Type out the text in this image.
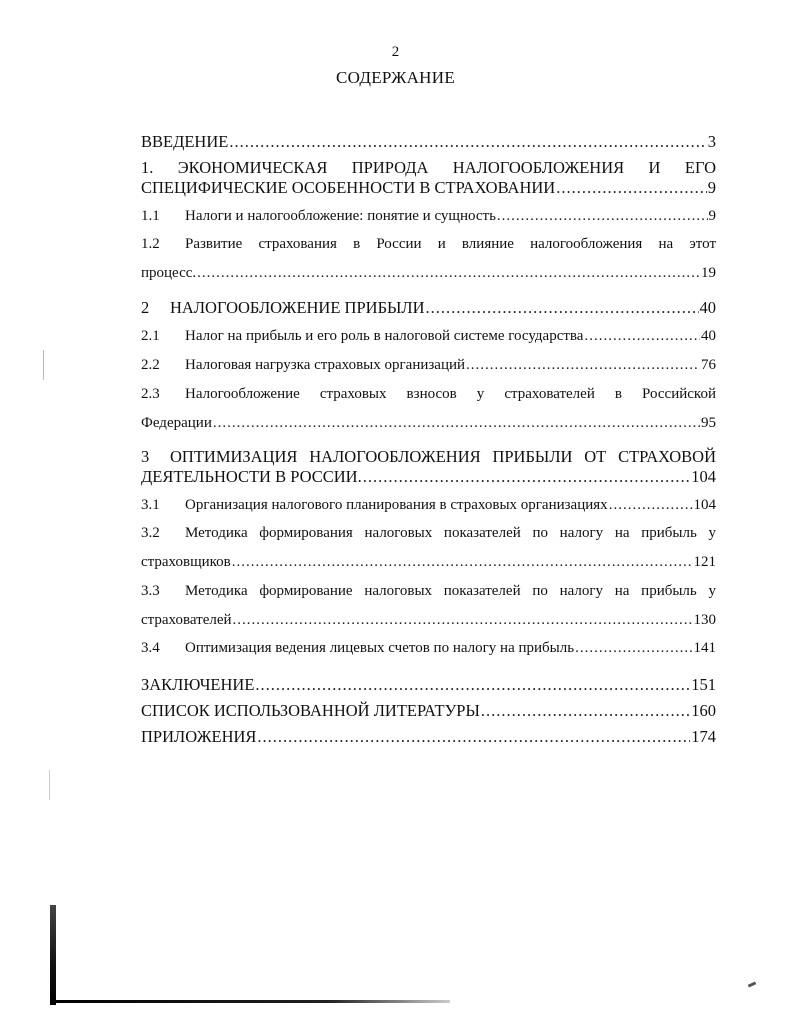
2
СОДЕРЖАНИЕ
ВВЕДЕНИЕ .....	3
1. ЭКОНОМИЧЕСКАЯ ПРИРОДА НАЛОГООБЛОЖЕНИЯ И ЕГО
СПЕЦИФИЧЕСКИЕ ОСОБЕННОСТИ В СТРАХОВАНИИ .....	9
1.1	Налоги и налогообложение: понятие и сущность .....	9
1.2 Развитие страхования в России и влияние налогообложения на этот
процесс. .....	19
2	НАЛОГООБЛОЖЕНИЕ ПРИБЫЛИ .....	40
2.1	Налог на прибыль и его роль в налоговой системе государства .....	40
2.2	Налоговая нагрузка страховых организаций .....	76
2.3 Налогообложение страховых взносов у страхователей в Российской
Федерации .....	95
3 ОПТИМИЗАЦИЯ НАЛОГООБЛОЖЕНИЯ ПРИБЫЛИ ОТ СТРАХОВОЙ
ДЕЯТЕЛЬНОСТИ В РОССИИ. .....	104
3.1	Организация налогового планирования в страховых организациях .....	104
3.2 Методика формирования налоговых показателей по налогу на прибыль у
страховщиков .....	121
3.3 Методика формирование налоговых показателей по налогу на прибыль у
страхователей .....	130
3.4	Оптимизация ведения лицевых счетов по налогу на прибыль .....	141
ЗАКЛЮЧЕНИЕ .....	151
СПИСОК ИСПОЛЬЗОВАННОЙ ЛИТЕРАТУРЫ .....	160
ПРИЛОЖЕНИЯ .....	174
